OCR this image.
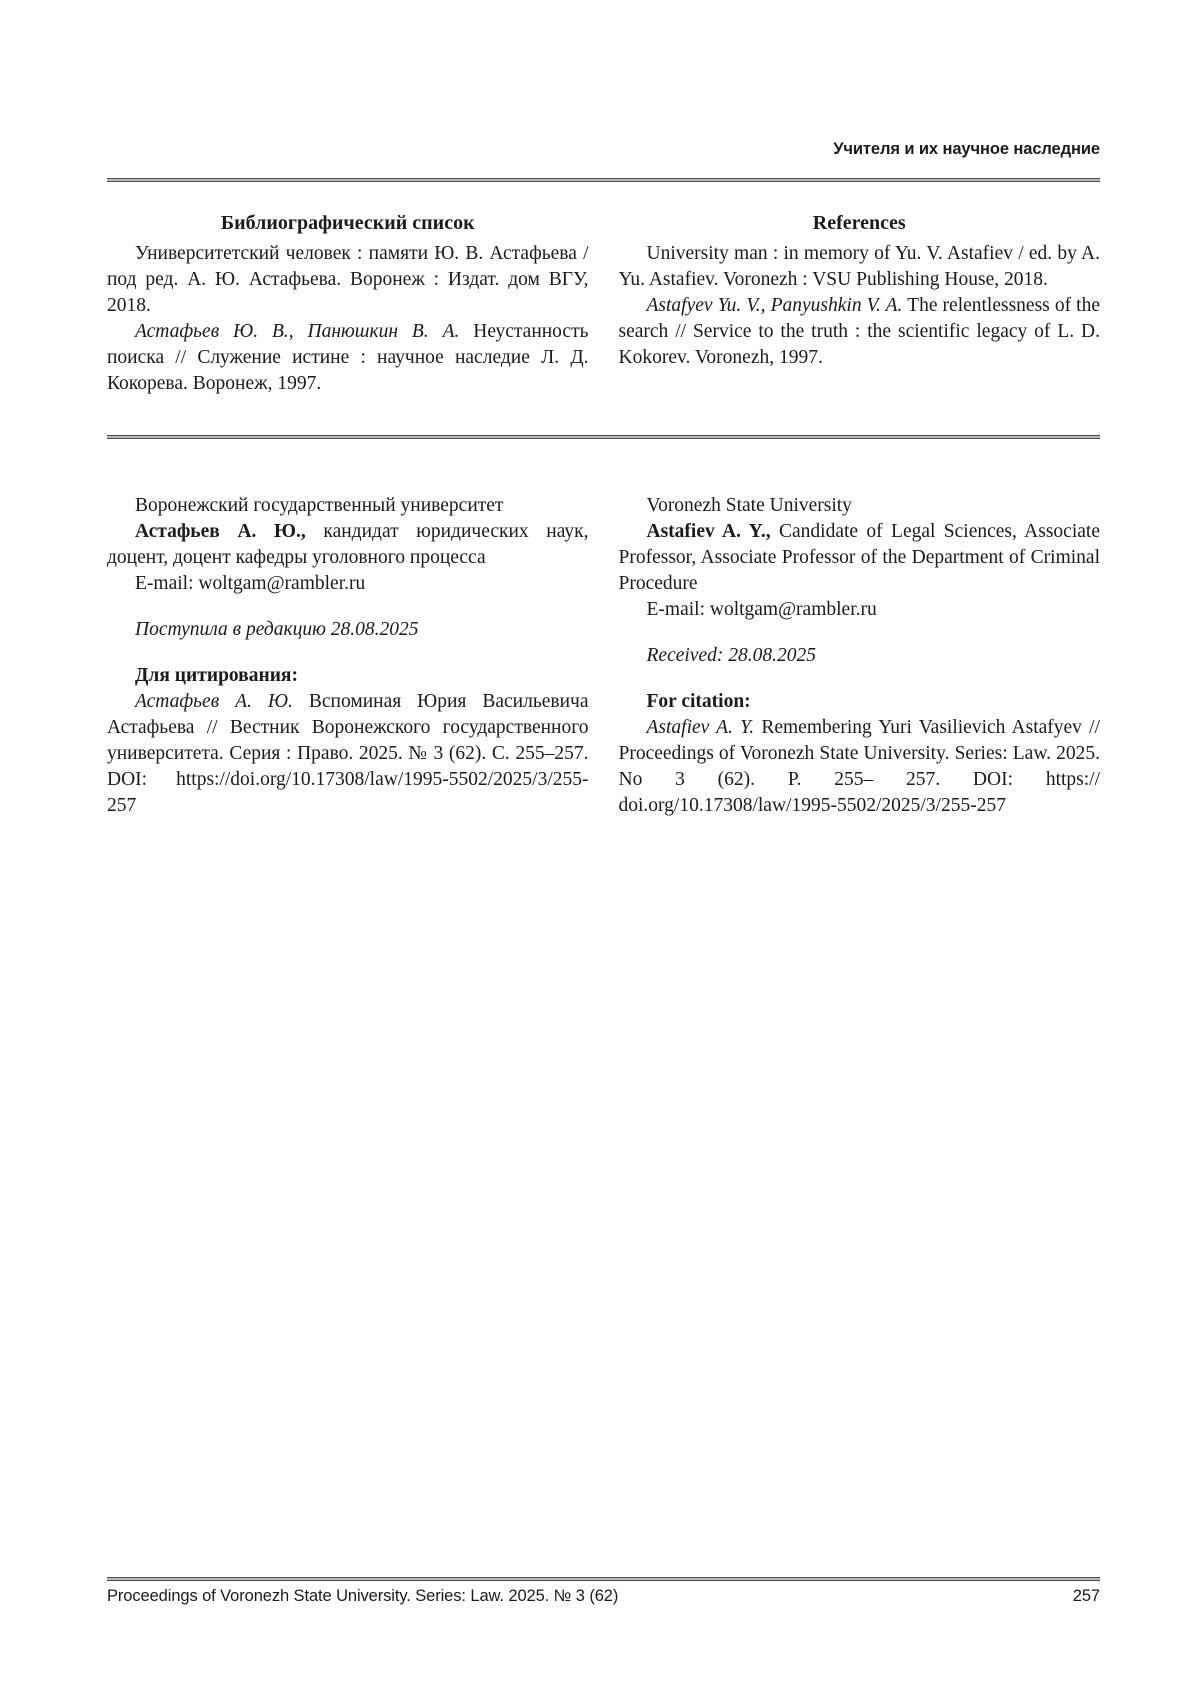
Учителя и их научное наследние
Библиографический список

Университетский человек : памяти Ю. В. Астафьева / под ред. А. Ю. Астафьева. Воронеж : Издат. дом ВГУ, 2018.

Астафьев Ю. В., Панюшкин В. А. Неустанность поиска // Служение истине : научное наследие Л. Д. Кокорева. Воронеж, 1997.

References

University man : in memory of Yu. V. Astafiev / ed. by A. Yu. Astafiev. Voronezh : VSU Publishing House, 2018.

Astafyev Yu. V., Panyushkin V. A. The relentlessness of the search // Service to the truth : the scientific legacy of L. D. Kokorev. Voronezh, 1997.

Воронежский государственный университет

Астафьев А. Ю., кандидат юридических наук, доцент, доцент кафедры уголовного процесса

E-mail: woltgam@rambler.ru

Поступила в редакцию 28.08.2025

Для цитирования:

Астафьев А. Ю. Вспоминая Юрия Васильевича Астафьева // Вестник Воронежского государственного университета. Серия : Право. 2025. № 3 (62). С. 255–257. DOI: https://​doi.org/10.17308/law/1995-5502/2025/3/255-257

Voronezh State University

Astafiev A. Y., Candidate of Legal Sciences, Associate Professor, Associate Professor of the Department of Criminal Procedure

E-mail: woltgam@rambler.ru

Received: 28.08.2025

For citation:

Astafiev A. Y. Remembering Yuri Vasilievich Astafyev // Proceedings of Voronezh State University. Series: Law. 2025. No 3 (62). P. 255– 257. DOI: https://​doi.org/10.17308/law/1995-5502/2025/3/255-257

Proceedings of Voronezh State University. Series: Law. 2025. № 3 (62)	257
